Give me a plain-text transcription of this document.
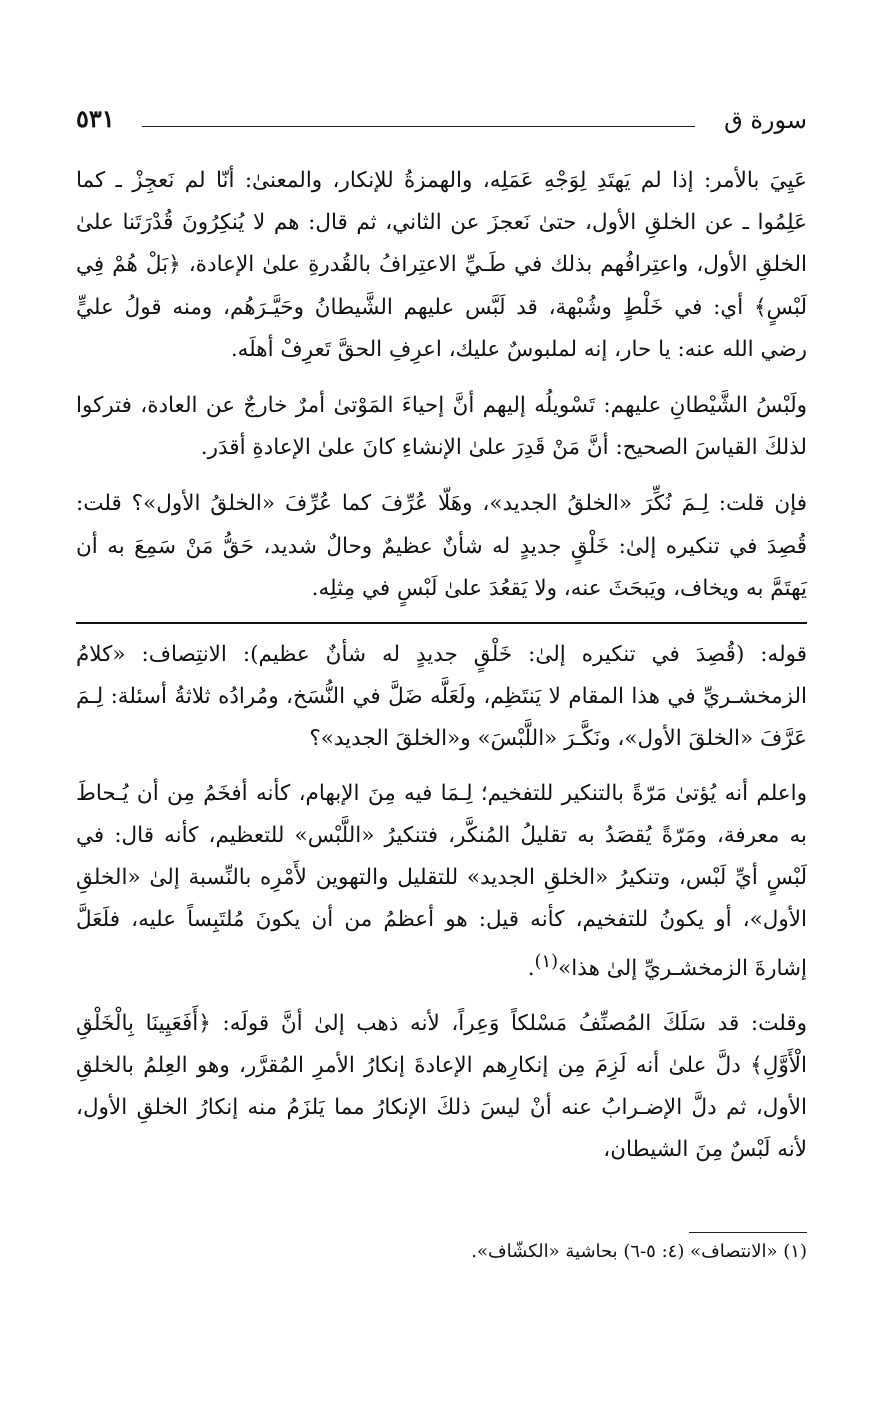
سورة ق
٥٣١

عَيِيَ بالأمر: إذا لم يَهتَدِ لِوَجْهِ عَمَلِه، والهمزةُ للإنكار، والمعنىٰ: أنّا لم نَعجِزْ ـ كما عَلِمُوا ـ عن الخلقِ الأول، حتىٰ نَعجزَ عن الثاني، ثم قال: هم لا يُنكِرُونَ قُدْرَتَنا علىٰ الخلقِ الأول، واعتِرافُهم بذلك في طَـيِّ الاعتِرافُ بالقُدرةِ علىٰ الإعادة، ﴿بَلْ هُمْ فِي لَبْسٍ﴾ أي: في خَلْطٍ وشُبْهة، قد لَبَّس عليهم الشَّيطانُ وحَيَّـرَهُم، ومنه قولُ عليٍّ رضي الله عنه: يا حار، إنه لملبوسٌ عليك، اعرِفِ الحقَّ تَعرِفْ أهلَه.

ولَبْسُ الشَّيْطانِ عليهم: تَسْويلُه إليهم أنَّ إحياءَ المَوْتىٰ أمرٌ خارجٌ عن العادة، فتركوا لذلكَ القياسَ الصحيح: أنَّ مَنْ قَدِرَ علىٰ الإنشاءِ كانَ علىٰ الإعادةِ أقدَر.

فإن قلت: لِـمَ نُكِّرَ «الخلقُ الجديد»، وهَلّا عُرِّفَ كما عُرِّفَ «الخلقُ الأول»؟ قلت: قُصِدَ في تنكيره إلىٰ: خَلْقٍ جديدٍ له شأنٌ عظيمٌ وحالٌ شديد، حَقُّ مَنْ سَمِعَ به أن يَهتَمَّ به ويخاف، ويَبحَثَ عنه، ولا يَقعُدَ علىٰ لَبْسٍ في مِثلِه.

قوله: (قُصِدَ في تنكيره إلىٰ: خَلْقٍ جديدٍ له شأنٌ عظيم): الانتِصاف: «كلامُ الزمخشـريِّ في هذا المقام لا يَنتَظِم، ولَعَلَّه ضَلَّ في النُّسَخ، ومُرادُه ثلاثةُ أسئلة: لِـمَ عَرَّفَ «الخلقَ الأول»، ونَكَّـرَ «اللَّبْسَ» و«الخلقَ الجديد»؟

واعلم أنه يُؤتىٰ مَرّةً بالتنكير للتفخيم؛ لِـمَا فيه مِنَ الإبهام، كأنه أفخَمُ مِن أن يُـحاطَ به معرفة، ومَرّةً يُقصَدُ به تقليلُ المُنكَّر، فتنكيرُ «اللَّبْس» للتعظيم، كأنه قال: في لَبْسٍ أيِّ لَبْس، وتنكيرُ «الخلقِ الجديد» للتقليل والتهوين لأَمْرِه بالنِّسبة إلىٰ «الخلقِ الأول»، أو يكونُ للتفخيم، كأنه قيل: هو أعظمُ من أن يكونَ مُلتَبِساً عليه، فلَعَلَّ إشارةَ الزمخشـريِّ إلىٰ هذا»$^{(١)}$.

وقلت: قد سَلَكَ المُصنِّفُ مَسْلكاً وَعِراً، لأنه ذهب إلىٰ أنَّ قولَه: ﴿أَفَعَيِينَا بِالْخَلْقِ الْأَوَّلِ﴾ دلَّ علىٰ أنه لَزِمَ مِن إنكارِهم الإعادةَ إنكارُ الأمرِ المُقرَّر، وهو العِلمُ بالخلقِ الأول، ثم دلَّ الإضـرابُ عنه أنْ ليسَ ذلكَ الإنكارُ مما يَلزَمُ منه إنكارُ الخلقِ الأول، لأنه لَبْسٌ مِنَ الشيطان،

(١) «الانتصاف» (٤: ٥-٦) بحاشية «الكشّاف».
